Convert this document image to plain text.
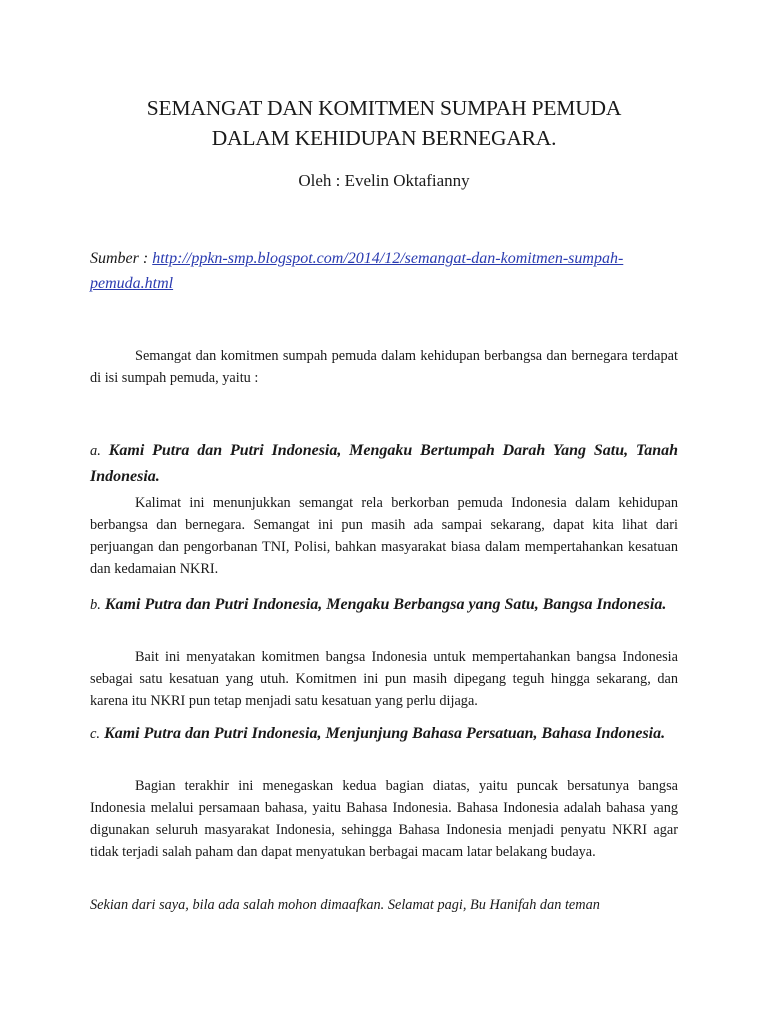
SEMANGAT DAN KOMITMEN SUMPAH PEMUDA
DALAM KEHIDUPAN BERNEGARA.
Oleh : Evelin Oktafianny
Sumber : http://ppkn-smp.blogspot.com/2014/12/semangat-dan-komitmen-sumpah-pemuda.html
Semangat dan komitmen sumpah pemuda dalam kehidupan berbangsa dan bernegara terdapat di isi sumpah pemuda, yaitu :
a. Kami Putra dan Putri Indonesia, Mengaku Bertumpah Darah Yang Satu, Tanah Indonesia.
Kalimat ini menunjukkan semangat rela berkorban pemuda Indonesia dalam kehidupan berbangsa dan bernegara. Semangat ini pun masih ada sampai sekarang, dapat kita lihat dari perjuangan dan pengorbanan TNI, Polisi, bahkan masyarakat biasa dalam mempertahankan kesatuan dan kedamaian NKRI.
b. Kami Putra dan Putri Indonesia, Mengaku Berbangsa yang Satu, Bangsa Indonesia.
Bait ini menyatakan komitmen bangsa Indonesia untuk mempertahankan bangsa Indonesia sebagai satu kesatuan yang utuh. Komitmen ini pun masih dipegang teguh hingga sekarang, dan karena itu NKRI pun tetap menjadi satu kesatuan yang perlu dijaga.
c. Kami Putra dan Putri Indonesia, Menjunjung Bahasa Persatuan, Bahasa Indonesia.
Bagian terakhir ini menegaskan kedua bagian diatas, yaitu puncak bersatunya bangsa Indonesia melalui persamaan bahasa, yaitu Bahasa Indonesia. Bahasa Indonesia adalah bahasa yang digunakan seluruh masyarakat Indonesia, sehingga Bahasa Indonesia menjadi penyatu NKRI agar tidak terjadi salah paham dan dapat menyatukan berbagai macam latar belakang budaya.
Sekian dari saya, bila ada salah mohon dimaafkan. Selamat pagi, Bu Hanifah dan teman
